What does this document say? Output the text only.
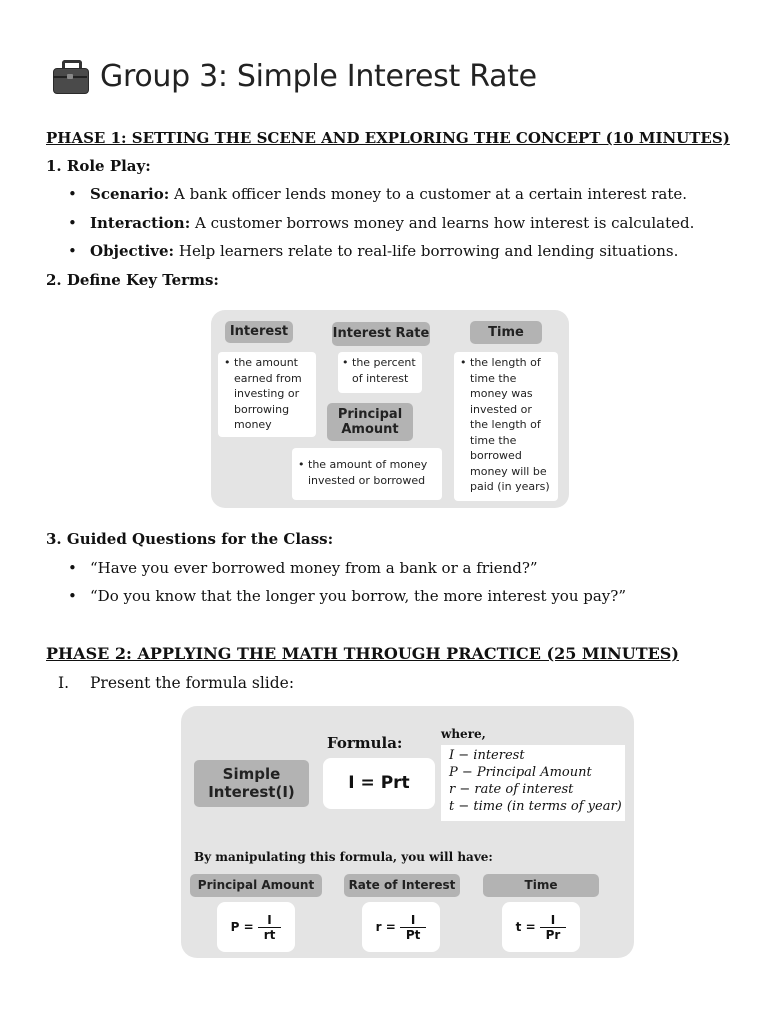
Group 3: Simple Interest Rate
PHASE 1: SETTING THE SCENE AND EXPLORING THE CONCEPT (10 MINUTES)
1. Role Play:
• Scenario: A bank officer lends money to a customer at a certain interest rate.
• Interaction: A customer borrows money and learns how interest is calculated.
• Objective: Help learners relate to real-life borrowing and lending situations.
2. Define Key Terms:
Interest	Interest Rate	Time
• the amount
earned from
investing or
borrowing
money
• the percent
of interest
Principal
Amount
• the amount of money
invested or borrowed
• the length of
time the
money was
invested or
the length of
time the
borrowed
money will be
paid (in years)
3. Guided Questions for the Class:
• “Have you ever borrowed money from a bank or a friend?”
• “Do you know that the longer you borrow, the more interest you pay?”
PHASE 2: APPLYING THE MATH THROUGH PRACTICE (25 MINUTES)
I. Present the formula slide:
Formula:	where,
Simple
Interest(I)	I = Prt
I − interest
P − Principal Amount
r − rate of interest
t − time (in terms of year)
By manipulating this formula, you will have:
Principal Amount	Rate of Interest	Time
$P = \frac{I}{rt}$	$r = \frac{I}{Pt}$	$t = \frac{I}{Pr}$
